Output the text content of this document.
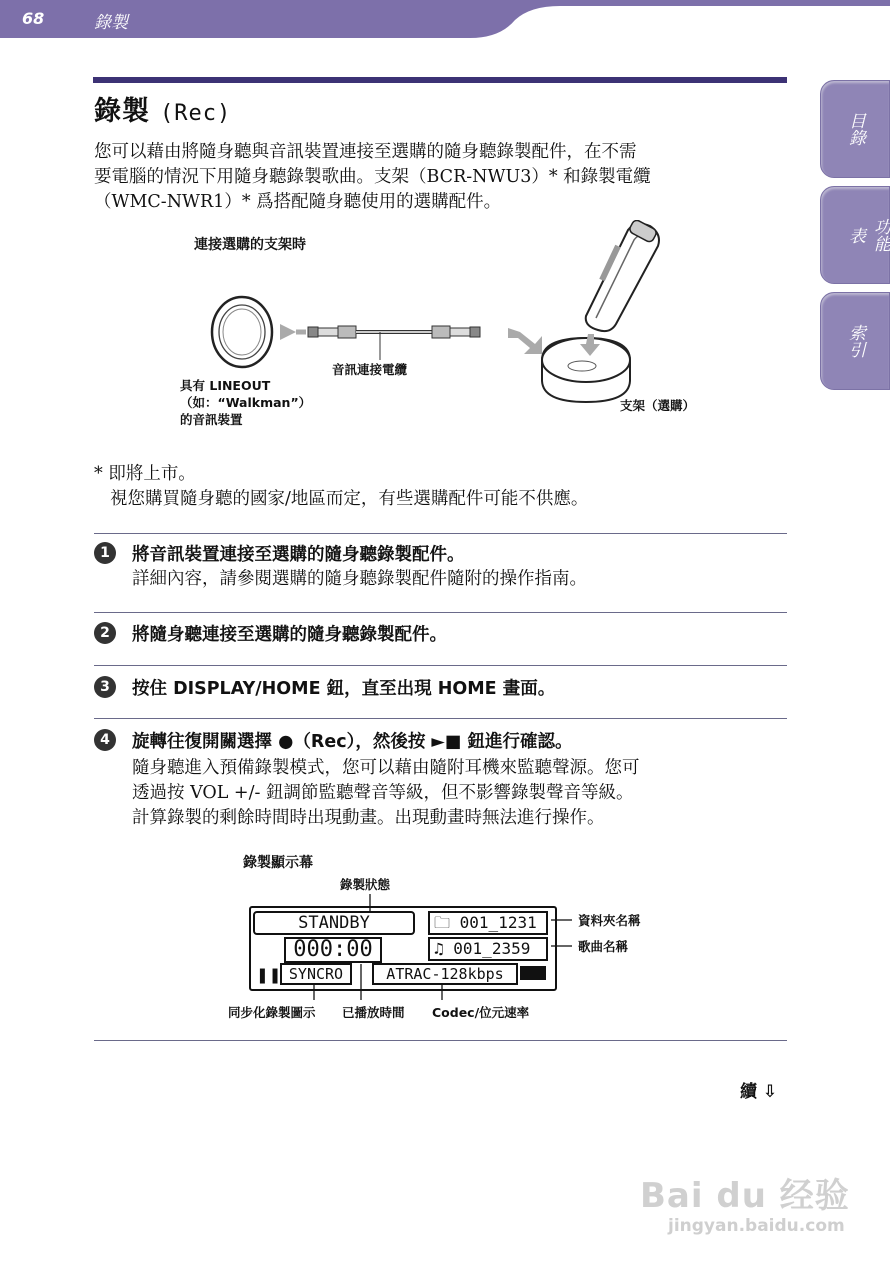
68	錄製
目錄
功能表
索引
錄製 (Rec)
您可以藉由將隨身聽與音訊裝置連接至選購的隨身聽錄製配件，在不需
要電腦的情況下用隨身聽錄製歌曲。支架（BCR-NWU3）* 和錄製電纜
（WMC-NWR1）* 爲搭配隨身聽使用的選購配件。
連接選購的支架時
音訊連接電纜
具有 LINEOUT
（如：“Walkman”）
的音訊裝置
支架（選購）
* 即將上市。
視您購買隨身聽的國家/地區而定，有些選購配件可能不供應。
1	將音訊裝置連接至選購的隨身聽錄製配件。
詳細內容，請參閱選購的隨身聽錄製配件隨附的操作指南。
2	將隨身聽連接至選購的隨身聽錄製配件。
3	按住 DISPLAY/HOME 鈕，直至出現 HOME 畫面。
4	旋轉往復開關選擇 ●（Rec），然後按 ►■ 鈕進行確認。
隨身聽進入預備錄製模式，您可以藉由隨附耳機來監聽聲源。您可
透過按 VOL +/- 鈕調節監聽聲音等級，但不影響錄製聲音等級。
計算錄製的剩餘時間時出現動畫。出現動畫時無法進行操作。
錄製顯示幕
錄製狀態
STANDBY	🗀 001_1231
000:00	♫ 001_2359
❚❚ SYNCRO	ATRAC-128kbps
資料夾名稱
歌曲名稱
同步化錄製圖示 已播放時間 Codec/位元速率
續 ⇩
Bai du 经验
jingyan.baidu.com
